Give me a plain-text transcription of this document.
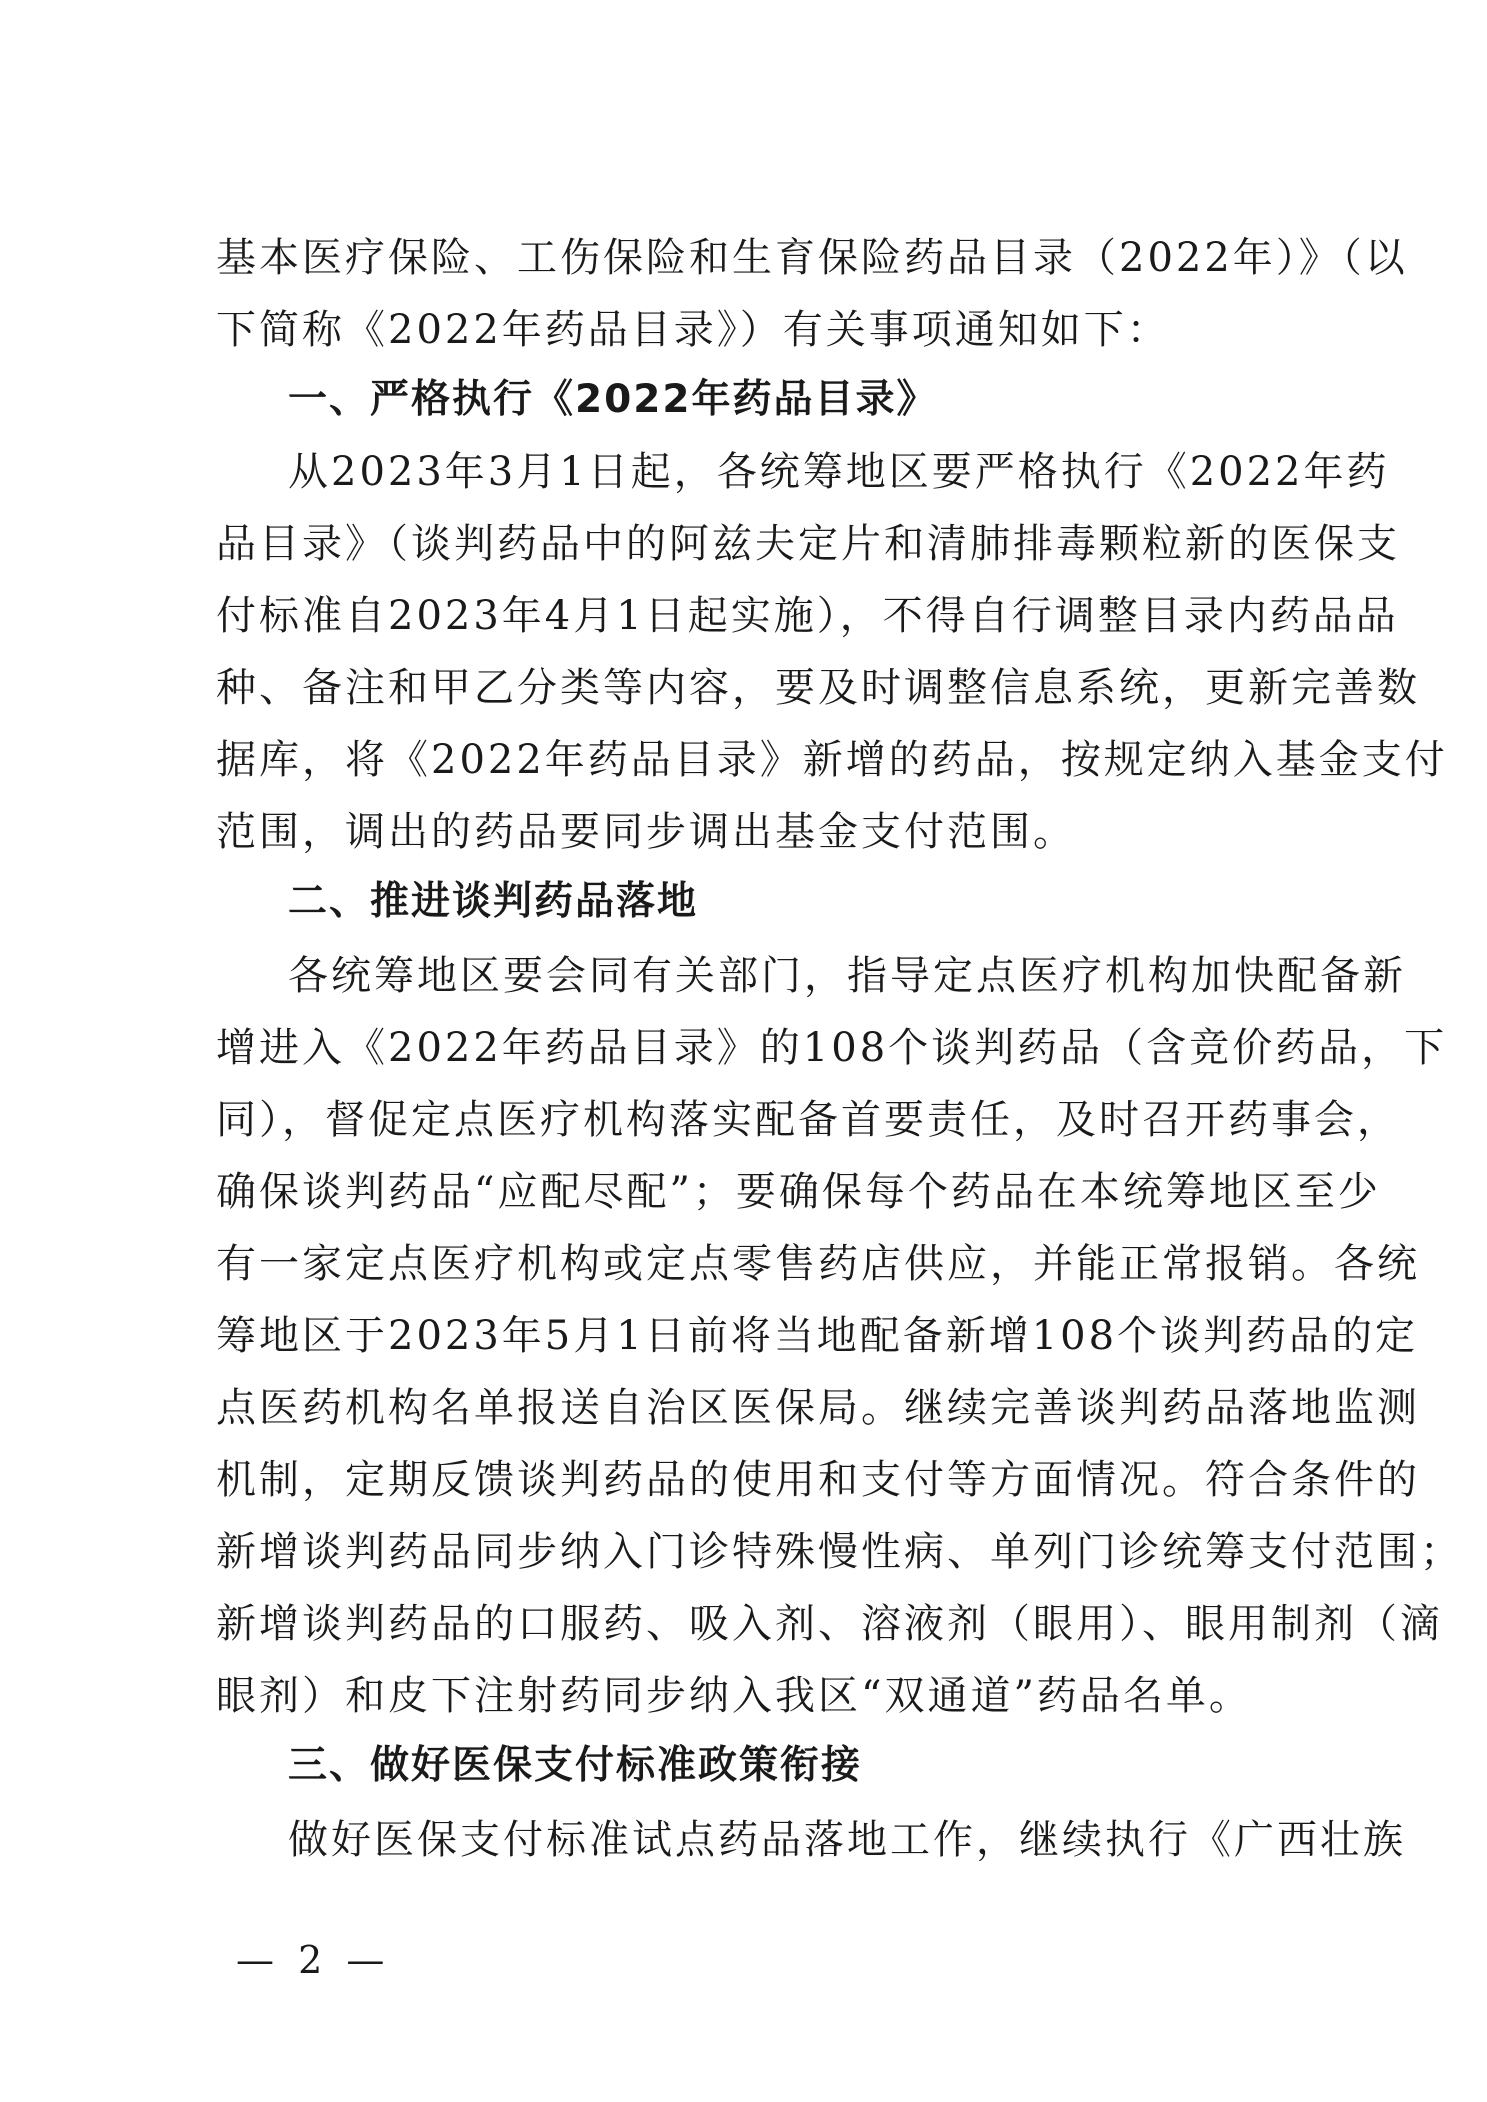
基本医疗保险、工伤保险和生育保险药品目录（2022年）》（以
下简称《2022年药品目录》）有关事项通知如下：
一、严格执行《2022年药品目录》
从2023年3月1日起，各统筹地区要严格执行《2022年药
品目录》（谈判药品中的阿兹夫定片和清肺排毒颗粒新的医保支
付标准自2023年4月1日起实施），不得自行调整目录内药品品
种、备注和甲乙分类等内容，要及时调整信息系统，更新完善数
据库，将《2022年药品目录》新增的药品，按规定纳入基金支付
范围，调出的药品要同步调出基金支付范围。
二、推进谈判药品落地
各统筹地区要会同有关部门，指导定点医疗机构加快配备新
增进入《2022年药品目录》的108个谈判药品（含竞价药品，下
同），督促定点医疗机构落实配备首要责任，及时召开药事会，
确保谈判药品“应配尽配”；要确保每个药品在本统筹地区至少
有一家定点医疗机构或定点零售药店供应，并能正常报销。各统
筹地区于2023年5月1日前将当地配备新增108个谈判药品的定
点医药机构名单报送自治区医保局。继续完善谈判药品落地监测
机制，定期反馈谈判药品的使用和支付等方面情况。符合条件的
新增谈判药品同步纳入门诊特殊慢性病、单列门诊统筹支付范围；
新增谈判药品的口服药、吸入剂、溶液剂（眼用）、眼用制剂（滴
眼剂）和皮下注射药同步纳入我区“双通道”药品名单。
三、做好医保支付标准政策衔接
做好医保支付标准试点药品落地工作，继续执行《广西壮族
— 2 —
